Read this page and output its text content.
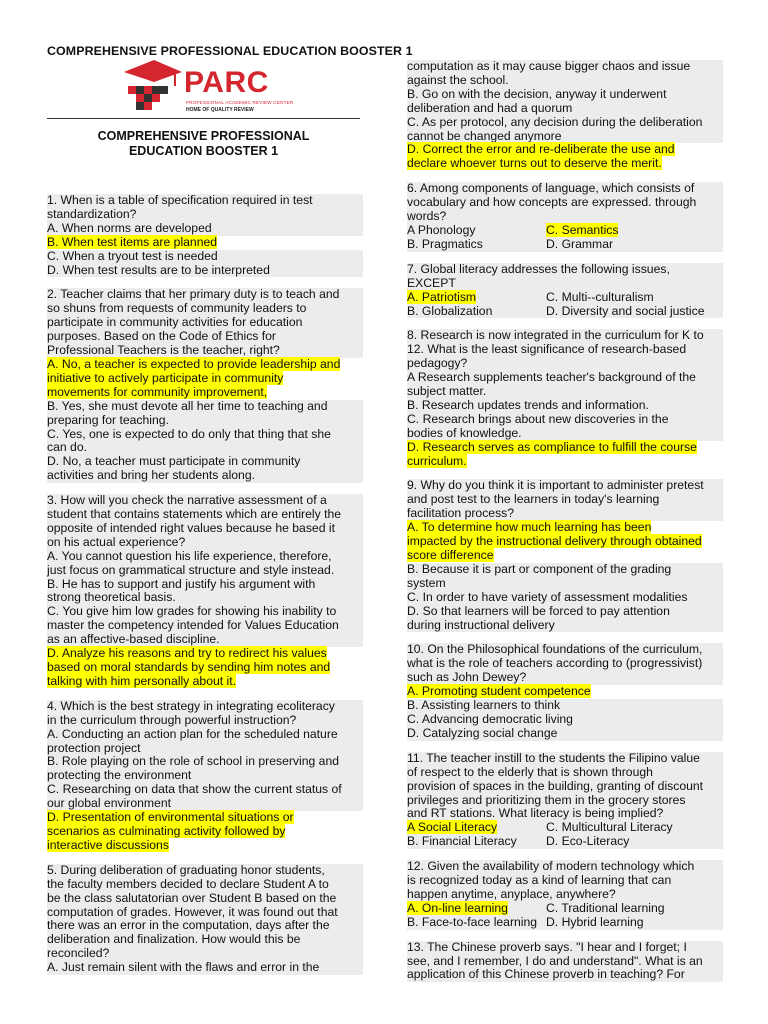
COMPREHENSIVE PROFESSIONAL EDUCATION BOOSTER 1
PARC
PROFESSIONAL ACADEMIC REVIEW CENTER
HOME OF QUALITY REVIEW
COMPREHENSIVE PROFESSIONAL
EDUCATION BOOSTER 1
1. When is a table of specification required in test
standardization?
A. When norms are developed
B. When test items are planned
C. When a tryout test is needed
D. When test results are to be interpreted
2. Teacher claims that her primary duty is to teach and
so shuns from requests of community leaders to
participate in community activities for education
purposes. Based on the Code of Ethics for
Professional Teachers is the teacher, right?
A. No, a teacher is expected to provide leadership and
initiative to actively participate in community
movements for community improvement,
B. Yes, she must devote all her time to teaching and
preparing for teaching.
C. Yes, one is expected to do only that thing that she
can do.
D. No, a teacher must participate in community
activities and bring her students along.
3. How will you check the narrative assessment of a
student that contains statements which are entirely the
opposite of intended right values because he based it
on his actual experience?
A. You cannot question his life experience, therefore,
just focus on grammatical structure and style instead.
B. He has to support and justify his argument with
strong theoretical basis.
C. You give him low grades for showing his inability to
master the competency intended for Values Education
as an affective-based discipline.
D. Analyze his reasons and try to redirect his values
based on moral standards by sending him notes and
talking with him personally about it.
4. Which is the best strategy in integrating ecoliteracy
in the curriculum through powerful instruction?
A. Conducting an action plan for the scheduled nature
protection project
B. Role playing on the role of school in preserving and
protecting the environment
C. Researching on data that show the current status of
our global environment
D. Presentation of environmental situations or
scenarios as culminating activity followed by
interactive discussions
5. During deliberation of graduating honor students,
the faculty members decided to declare Student A to
be the class salutatorian over Student B based on the
computation of grades. However, it was found out that
there was an error in the computation, days after the
deliberation and finalization. How would this be
reconciled?
A. Just remain silent with the flaws and error in the
computation as it may cause bigger chaos and issue
against the school.
B. Go on with the decision, anyway it underwent
deliberation and had a quorum
C. As per protocol, any decision during the deliberation
cannot be changed anymore
D. Correct the error and re-deliberate the use and
declare whoever turns out to deserve the merit.
6. Among components of language, which consists of
vocabulary and how concepts are expressed. through
words?
A Phonology	C. Semantics
B. Pragmatics	D. Grammar
7. Global literacy addresses the following issues,
EXCEPT
A. Patriotism	C. Multi--culturalism
B. Globalization	D. Diversity and social justice
8. Research is now integrated in the curriculum for K to
12. What is the least significance of research-based
pedagogy?
A Research supplements teacher's background of the
subject matter.
B. Research updates trends and information.
C. Research brings about new discoveries in the
bodies of knowledge.
D. Research serves as compliance to fulfill the course
curriculum.
9. Why do you think it is important to administer pretest
and post test to the learners in today's learning
facilitation process?
A. To determine how much learning has been
impacted by the instructional delivery through obtained
score difference
B. Because it is part or component of the grading
system
C. In order to have variety of assessment modalities
D. So that learners will be forced to pay attention
during instructional delivery
10. On the Philosophical foundations of the curriculum,
what is the role of teachers according to (progressivist)
such as John Dewey?
A. Promoting student competence
B. Assisting learners to think
C. Advancing democratic living
D. Catalyzing social change
11. The teacher instill to the students the Filipino value
of respect to the elderly that is shown through
provision of spaces in the building, granting of discount
privileges and prioritizing them in the grocery stores
and RT stations. What literacy is being implied?
A Social Literacy	C. Multicultural Literacy
B. Financial Literacy	D. Eco-Literacy
12. Given the availability of modern technology which
is recognized today as a kind of learning that can
happen anytime, anyplace, anywhere?
A. On-line learning	C. Traditional learning
B. Face-to-face learning D. Hybrid learning
13. The Chinese proverb says. "I hear and I forget; I
see, and I remember, I do and understand". What is an
application of this Chinese proverb in teaching? For
